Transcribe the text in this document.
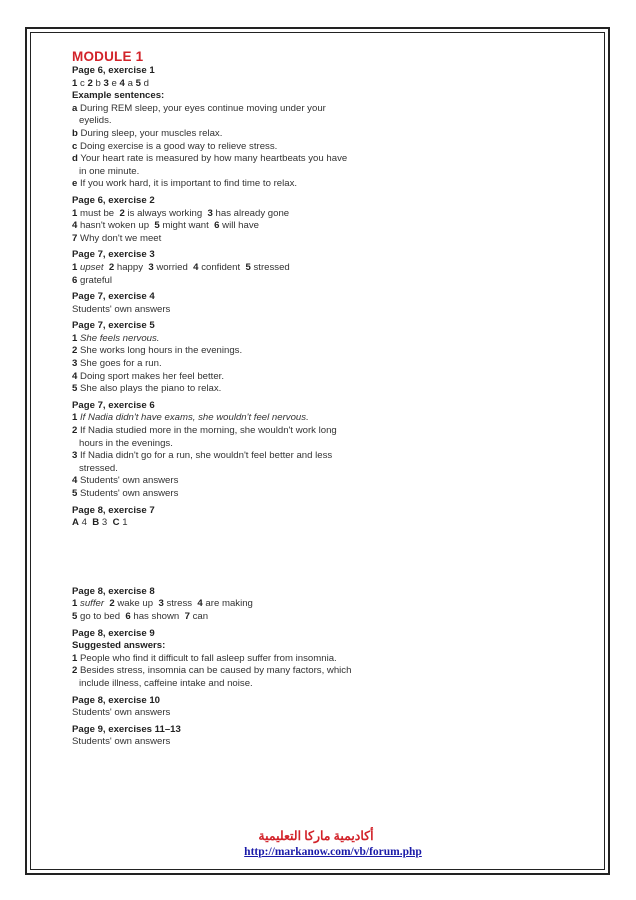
MODULE 1
Page 6, exercise 1
1 c 2 b 3 e 4 a 5 d
Example sentences:
a During REM sleep, your eyes continue moving under your eyelids.
b During sleep, your muscles relax.
c Doing exercise is a good way to relieve stress.
d Your heart rate is measured by how many heartbeats you have in one minute.
e If you work hard, it is important to find time to relax.
Page 6, exercise 2
1 must be 2 is always working 3 has already gone
4 hasn't woken up 5 might want 6 will have
7 Why don't we meet
Page 7, exercise 3
1 upset 2 happy 3 worried 4 confident 5 stressed
6 grateful
Page 7, exercise 4
Students' own answers
Page 7, exercise 5
1 She feels nervous.
2 She works long hours in the evenings.
3 She goes for a run.
4 Doing sport makes her feel better.
5 She also plays the piano to relax.
Page 7, exercise 6
1 If Nadia didn't have exams, she wouldn't feel nervous.
2 If Nadia studied more in the morning, she wouldn't work long hours in the evenings.
3 If Nadia didn't go for a run, she wouldn't feel better and less stressed.
4 Students' own answers
5 Students' own answers
Page 8, exercise 7
A 4 B 3 C 1
Page 8, exercise 8
1 suffer 2 wake up 3 stress 4 are making
5 go to bed 6 has shown 7 can
Page 8, exercise 9
Suggested answers:
1 People who find it difficult to fall asleep suffer from insomnia.
2 Besides stress, insomnia can be caused by many factors, which include illness, caffeine intake and noise.
Page 8, exercise 10
Students' own answers
Page 9, exercises 11–13
Students' own answers
أكاديمية ماركا التعليمية
http://markanow.com/vb/forum.php
